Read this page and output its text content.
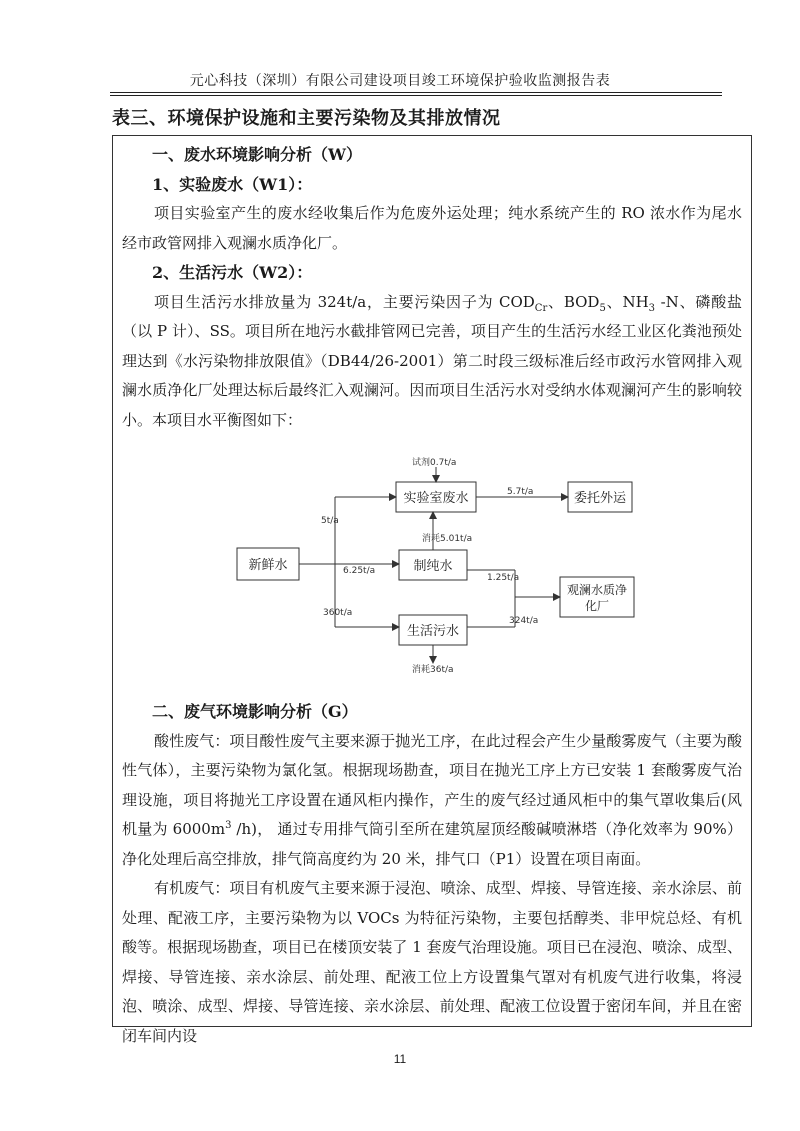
元心科技（深圳）有限公司建设项目竣工环境保护验收监测报告表
表三、环境保护设施和主要污染物及其排放情况
一、废水环境影响分析（W）
1、实验废水（W1）：
项目实验室产生的废水经收集后作为危废外运处理；纯水系统产生的 RO 浓水作为尾水经市政管网排入观澜水质净化厂。
2、生活污水（W2）：
项目生活污水排放量为 324t/a，主要污染因子为 $COD_{Cr}$、$BOD_5$、$NH_3$ -N、磷酸盐（以 P 计）、SS。项目所在地污水截排管网已完善，项目产生的生活污水经工业区化粪池预处理达到《水污染物排放限值》（DB44/26-2001）第二时段三级标准后经市政污水管网排入观澜水质净化厂处理达标后最终汇入观澜河。因而项目生活污水对受纳水体观澜河产生的影响较小。本项目水平衡图如下：
新鲜水
实验室废水	委托外运
制纯水
观澜水质净
化厂
生活污水
试剂0.7t/a
5.7t/a
5t/a
消耗5.01t/a
6.25t/a
1.25t/a
360t/a
324t/a
消耗36t/a
二、废气环境影响分析（G）
酸性废气：项目酸性废气主要来源于抛光工序，在此过程会产生少量酸雾废气（主要为酸性气体），主要污染物为氯化氢。根据现场勘查，项目在抛光工序上方已安装 1 套酸雾废气治理设施，项目将抛光工序设置在通风柜内操作，产生的废气经过通风柜中的集气罩收集后(风机量为 $6000m^3$ /h)， 通过专用排气筒引至所在建筑屋顶经酸碱喷淋塔（净化效率为 90%）净化处理后高空排放，排气筒高度约为 20 米，排气口（P1）设置在项目南面。
有机废气：项目有机废气主要来源于浸泡、喷涂、成型、焊接、导管连接、亲水涂层、前处理、配液工序，主要污染物为以 VOCs 为特征污染物，主要包括醇类、非甲烷总烃、有机酸等。根据现场勘查，项目已在楼顶安装了 1 套废气治理设施。项目已在浸泡、喷涂、成型、焊接、导管连接、亲水涂层、前处理、配液工位上方设置集气罩对有机废气进行收集，将浸泡、喷涂、成型、焊接、导管连接、亲水涂层、前处理、配液工位设置于密闭车间，并且在密闭车间内设
11
